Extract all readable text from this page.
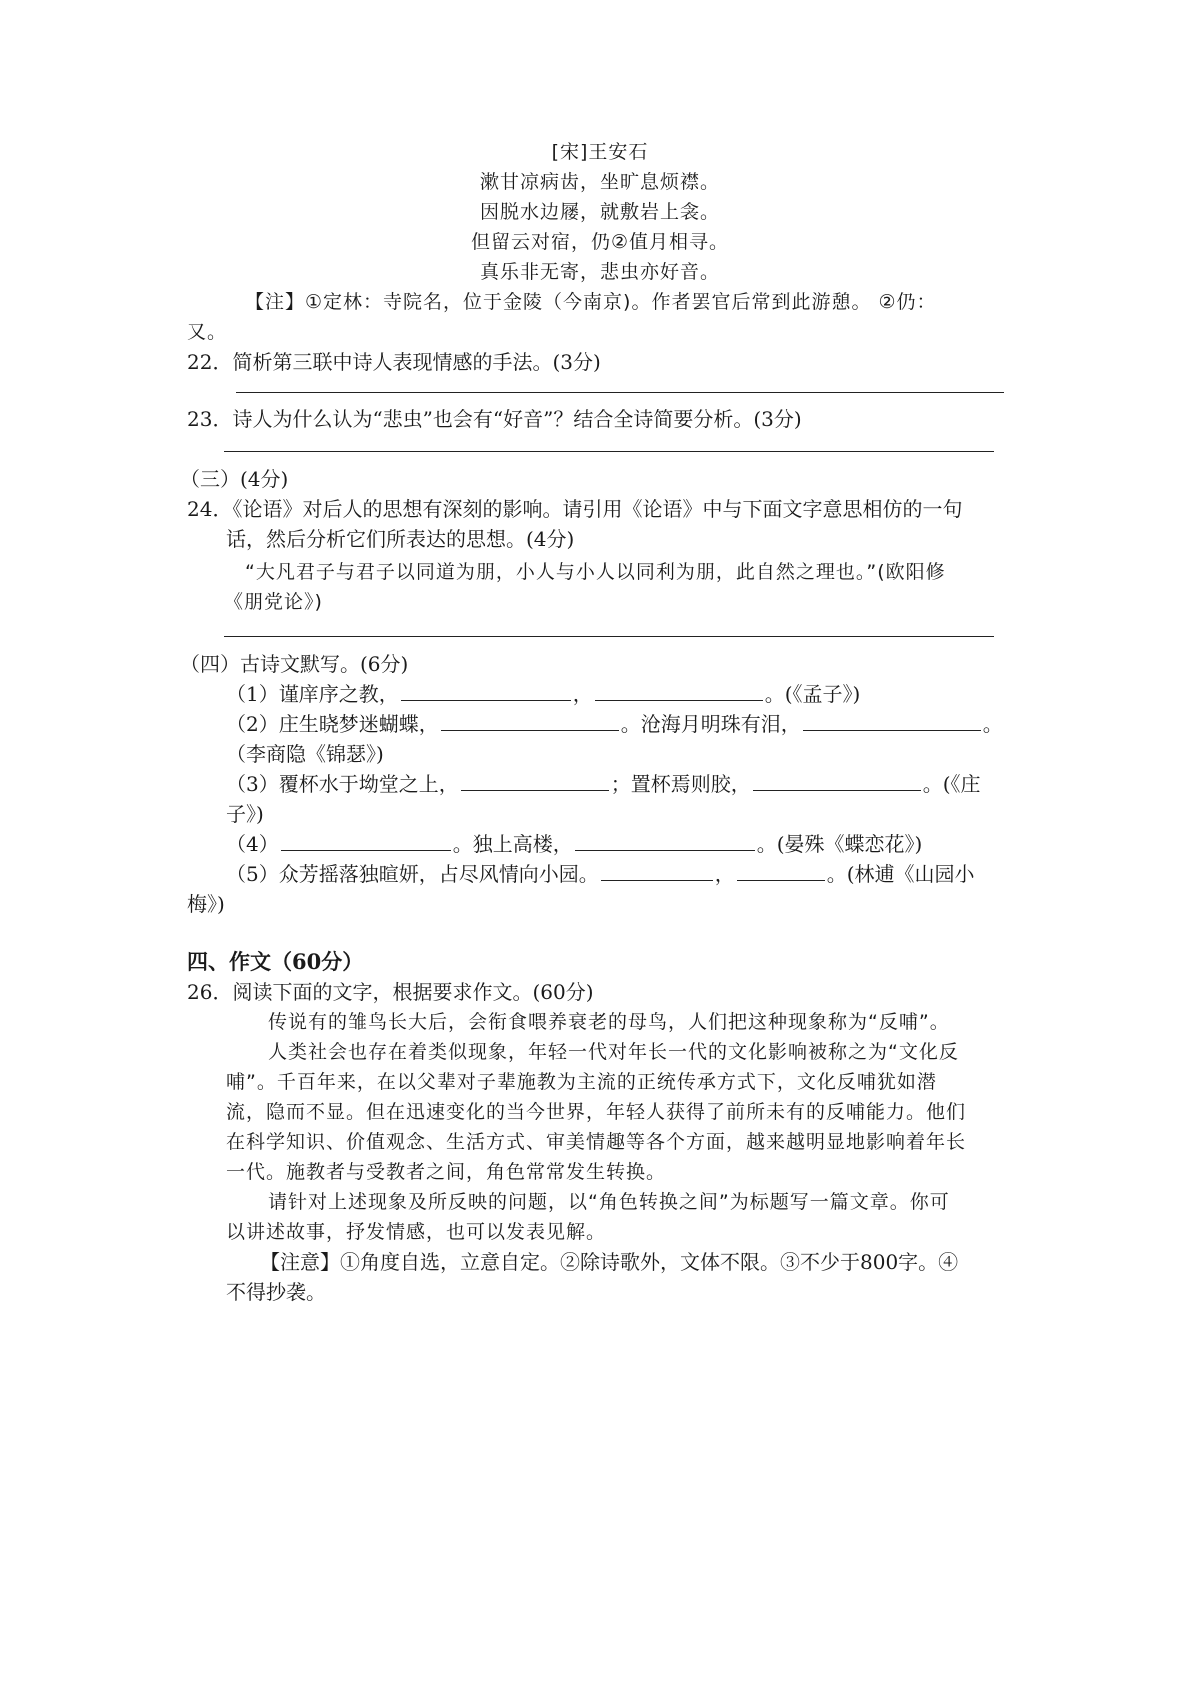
[宋]王安石
漱甘凉病齿，坐旷息烦襟。
因脱水边屦，就敷岩上衾。
但留云对宿，仍②值月相寻。
真乐非无寄，悲虫亦好音。
【注】①定林：寺院名，位于金陵（今南京)。作者罢官后常到此游憩。 ②仍：
又。
22．简析第三联中诗人表现情感的手法。(3分)
23．诗人为什么认为“悲虫”也会有“好音”？结合全诗简要分析。(3分)
（三）(4分)
24．《论语》对后人的思想有深刻的影响。请引用《论语》中与下面文字意思相仿的一句
话，然后分析它们所表达的思想。(4分)
“大凡君子与君子以同道为朋，小人与小人以同利为朋，此自然之理也。”(欧阳修
《朋党论》)
（四）古诗文默写。(6分)
（1）谨庠序之教，	，	。(《孟子》)
（2）庄生晓梦迷蝴蝶，	。沧海月明珠有泪，	。
（李商隐《锦瑟》)
（3）覆杯水于坳堂之上，	；置杯焉则胶，	。(《庄
子》)
（4）	。独上高楼，	。(晏殊《蝶恋花》)
（5）众芳摇落独暄妍，占尽风情向小园。	，	。(林逋《山园小
梅》)
四、作文（60分）
26．阅读下面的文字，根据要求作文。(60分)
传说有的雏鸟长大后，会衔食喂养衰老的母鸟，人们把这种现象称为“反哺”。
人类社会也存在着类似现象，年轻一代对年长一代的文化影响被称之为“文化反
哺”。千百年来，在以父辈对子辈施教为主流的正统传承方式下，文化反哺犹如潜
流，隐而不显。但在迅速变化的当今世界，年轻人获得了前所未有的反哺能力。他们
在科学知识、价值观念、生活方式、审美情趣等各个方面，越来越明显地影响着年长
一代。施教者与受教者之间，角色常常发生转换。
请针对上述现象及所反映的问题，以“角色转换之间”为标题写一篇文章。你可
以讲述故事，抒发情感，也可以发表见解。
【注意】①角度自选，立意自定。②除诗歌外，文体不限。③不少于800字。④
不得抄袭。
